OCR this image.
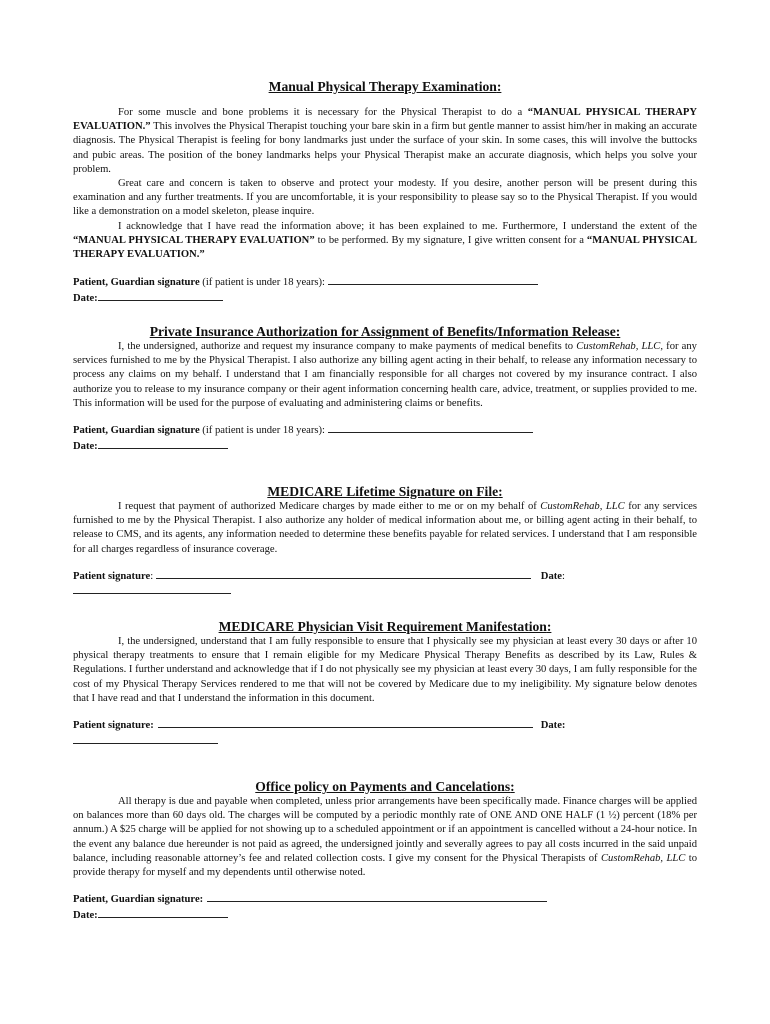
Manual Physical Therapy Examination:

For some muscle and bone problems it is necessary for the Physical Therapist to do a “MANUAL PHYSICAL THERAPY EVALUATION.” This involves the Physical Therapist touching your bare skin in a firm but gentle manner to assist him/her in making an accurate diagnosis. The Physical Therapist is feeling for bony landmarks just under the surface of your skin. In some cases, this will involve the buttocks and pubic areas. The position of the boney landmarks helps your Physical Therapist make an accurate diagnosis, which helps you solve your problem.

Great care and concern is taken to observe and protect your modesty. If you desire, another person will be present during this examination and any further treatments. If you are uncomfortable, it is your responsibility to please say so to the Physical Therapist. If you would like a demonstration on a model skeleton, please inquire.

I acknowledge that I have read the information above; it has been explained to me. Furthermore, I understand the extent of the “MANUAL PHYSICAL THERAPY EVALUATION” to be performed. By my signature, I give written consent for a “MANUAL PHYSICAL THERAPY EVALUATION.”

Patient, Guardian signature (if patient is under 18 years):
Date:
Private Insurance Authorization for Assignment of Benefits/Information Release:

I, the undersigned, authorize and request my insurance company to make payments of medical benefits to CustomRehab, LLC, for any services furnished to me by the Physical Therapist. I also authorize any billing agent acting in their behalf, to release any information necessary to process any claims on my behalf. I understand that I am financially responsible for all charges not covered by my insurance contract. I also authorize you to release to my insurance company or their agent information concerning health care, advice, treatment, or supplies provided to me. This information will be used for the purpose of evaluating and administering claims or benefits.

Patient, Guardian signature (if patient is under 18 years):
Date:
MEDICARE Lifetime Signature on File:

I request that payment of authorized Medicare charges by made either to me or on my behalf of CustomRehab, LLC for any services furnished to me by the Physical Therapist. I also authorize any holder of medical information about me, or billing agent acting in their behalf, to release to CMS, and its agents, any information needed to determine these benefits payable for related services. I understand that I am responsible for all charges regardless of insurance coverage.

Patient signature :	Date :
MEDICARE Physician Visit Requirement Manifestation:

I, the undersigned, understand that I am fully responsible to ensure that I physically see my physician at least every 30 days or after 10 physical therapy treatments to ensure that I remain eligible for my Medicare Physical Therapy Benefits as described by its Law, Rules & Regulations. I further understand and acknowledge that if I do not physically see my physician at least every 30 days, I am fully responsible for the cost of my Physical Therapy Services rendered to me that will not be covered by Medicare due to my ineligibility. My signature below denotes that I have read and that I understand the information in this document.

Patient signature:	Date:
Office policy on Payments and Cancelations:

All therapy is due and payable when completed, unless prior arrangements have been specifically made. Finance charges will be applied on balances more than 60 days old. The charges will be computed by a periodic monthly rate of ONE AND ONE HALF (1 ½) percent (18% per annum.) A $25 charge will be applied for not showing up to a scheduled appointment or if an appointment is cancelled without a 24-hour notice. In the event any balance due hereunder is not paid as agreed, the undersigned jointly and severally agrees to pay all costs incurred in the said unpaid balance, including reasonable attorney’s fee and related collection costs. I give my consent for the Physical Therapists of CustomRehab, LLC to provide therapy for myself and my dependents until otherwise noted.

Patient, Guardian signature:
Date:
